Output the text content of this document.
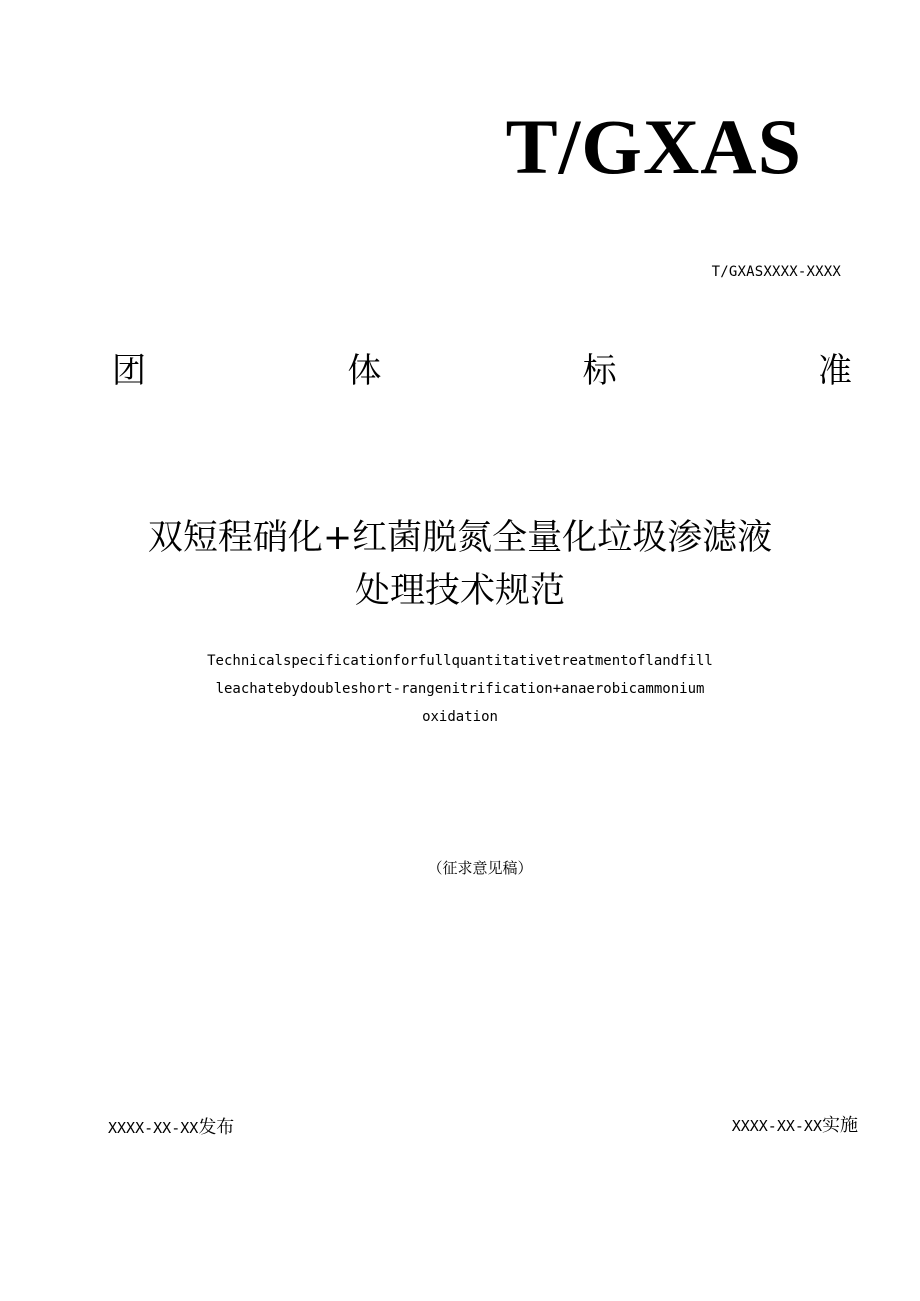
T/GXAS
T/GXASXXXX-XXXX
团	体	标	准
双短程硝化+红菌脱氮全量化垃圾渗滤液
处理技术规范
Technicalspecificationforfullquantitativetreatmentoflandfill
leachatebydoubleshort-rangenitrification+anaerobicammonium
oxidation
（征求意见稿）
XXXX-XX-XX发布	XXXX-XX-XX实施
